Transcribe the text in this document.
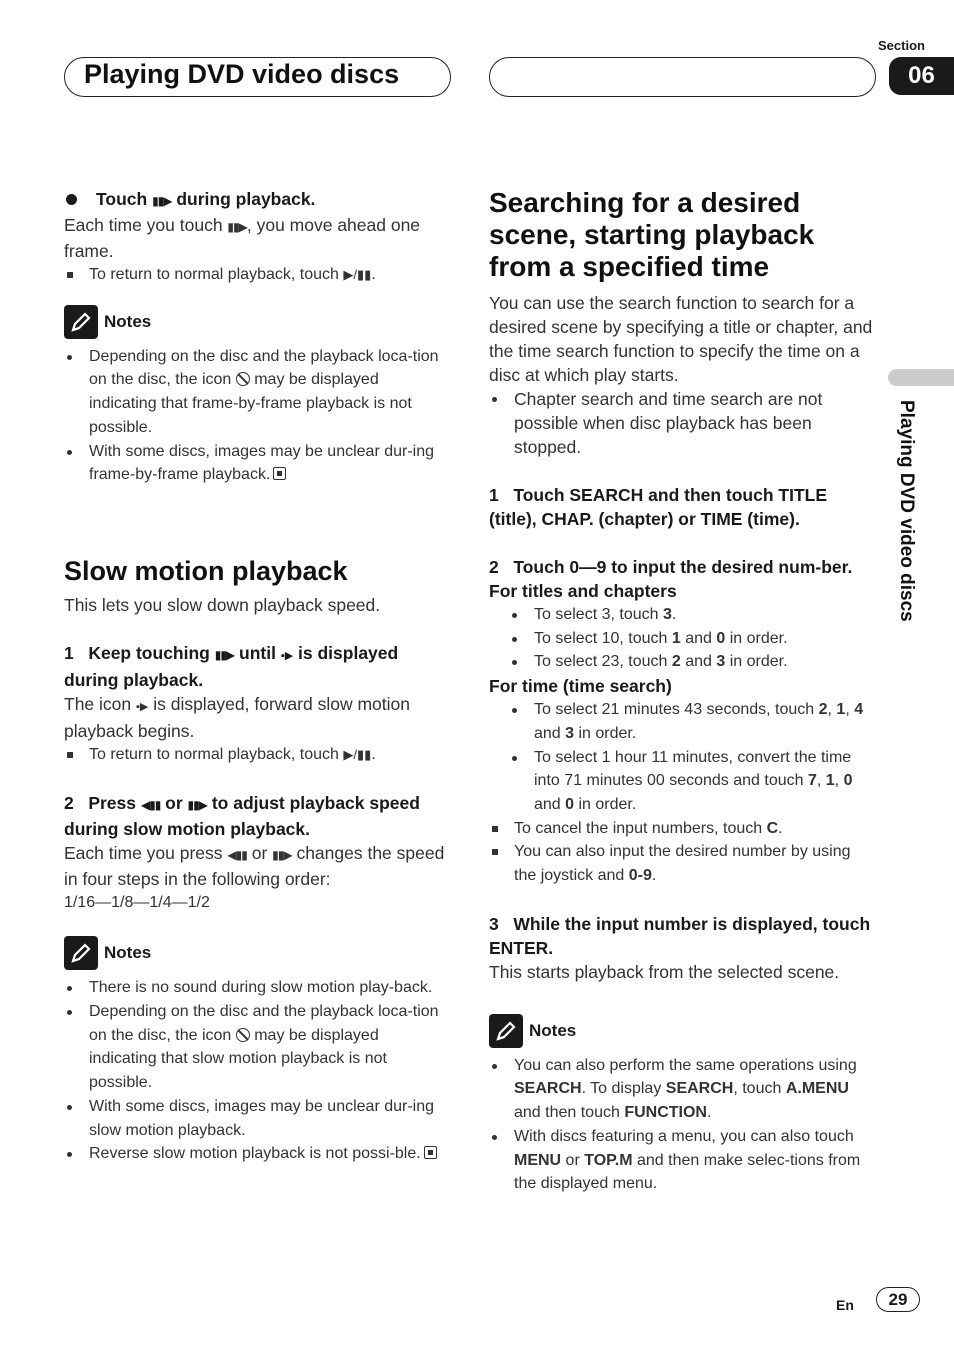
Playing DVD video discs
Section
06
Playing DVD video discs

Touch ▮▮▶ during playback.

Each time you touch ▮▮▶, you move ahead one frame.

To return to normal playback, touch ▶/▮▮.
Notes
Depending on the disc and the playback loca-tion on the disc, the icon  may be displayed indicating that frame-by-frame playback is not possible.
With some discs, images may be unclear dur-ing frame-by-frame playback.

Slow motion playback

This lets you slow down playback speed.

1 Keep touching ▮▮▶ until ▪▶ is displayed during playback.

The icon ▪▶ is displayed, forward slow motion playback begins.

To return to normal playback, touch ▶/▮▮.

2 Press ◀▮▮ or ▮▮▶ to adjust playback speed during slow motion playback.

Each time you press ◀▮▮ or ▮▮▶ changes the speed in four steps in the following order:

1/16—1/8—1/4—1/2

Notes
There is no sound during slow motion play-back.
Depending on the disc and the playback loca-tion on the disc, the icon  may be displayed indicating that slow motion playback is not possible.
With some discs, images may be unclear dur-ing slow motion playback.
Reverse slow motion playback is not possi-ble.

Searching for a desired scene, starting playback from a specified time

You can use the search function to search for a desired scene by specifying a title or chapter, and the time search function to specify the time on a disc at which play starts.

Chapter search and time search are not possible when disc playback has been stopped.

1 Touch SEARCH and then touch TITLE (title), CHAP. (chapter) or TIME (time).

2 Touch 0—9 to input the desired num-ber.

For titles and chapters

To select 3, touch 3.
To select 10, touch 1 and 0 in order.
To select 23, touch 2 and 3 in order.

For time (time search)

To select 21 minutes 43 seconds, touch 2, 1, 4 and 3 in order.
To select 1 hour 11 minutes, convert the time into 71 minutes 00 seconds and touch 7, 1, 0 and 0 in order.
To cancel the input numbers, touch C.
You can also input the desired number by using the joystick and 0-9.

3 While the input number is displayed, touch ENTER.

This starts playback from the selected scene.

Notes
You can also perform the same operations using SEARCH. To display SEARCH, touch A.MENU and then touch FUNCTION.
With discs featuring a menu, you can also touch MENU or TOP.M and then make selec-tions from the displayed menu.
En	29
